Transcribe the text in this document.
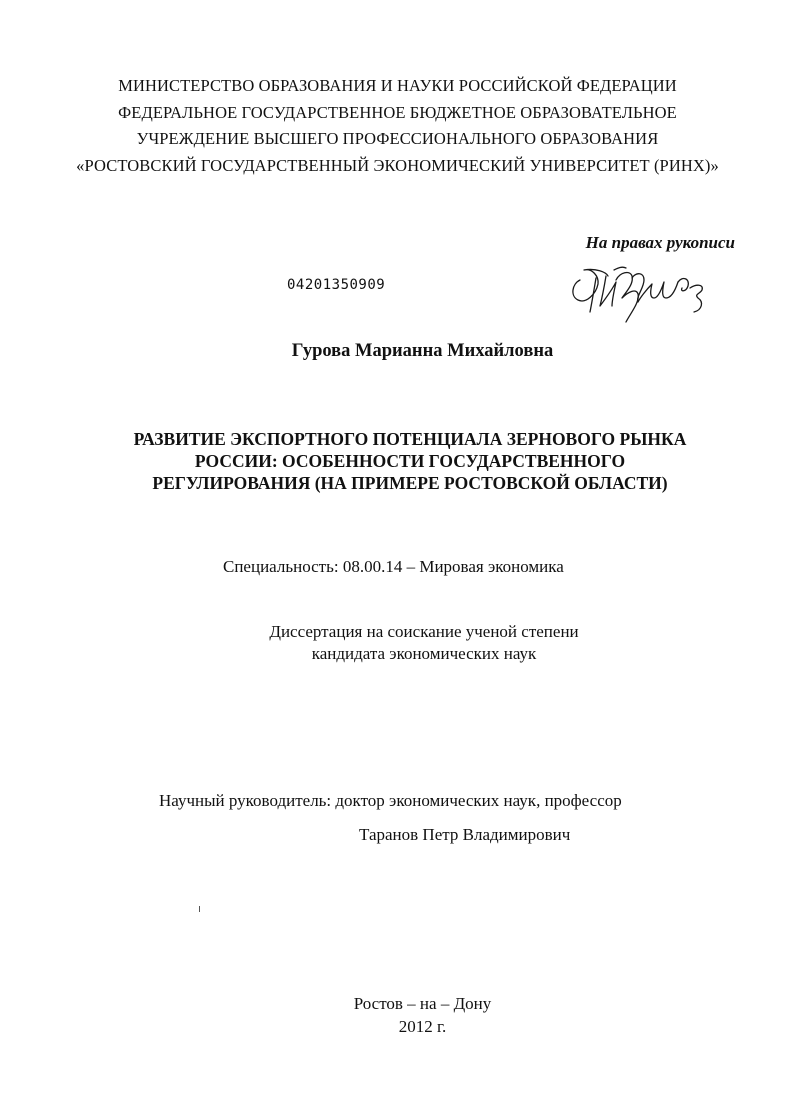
МИНИСТЕРСТВО ОБРАЗОВАНИЯ И НАУКИ РОССИЙСКОЙ ФЕДЕРАЦИИ
ФЕДЕРАЛЬНОЕ ГОСУДАРСТВЕННОЕ БЮДЖЕТНОЕ ОБРАЗОВАТЕЛЬНОЕ
УЧРЕЖДЕНИЕ ВЫСШЕГО ПРОФЕССИОНАЛЬНОГО ОБРАЗОВАНИЯ
«РОСТОВСКИЙ ГОСУДАРСТВЕННЫЙ ЭКОНОМИЧЕСКИЙ УНИВЕРСИТЕТ (РИНХ)»
На правах рукописи
04201350909
Гурова Марианна Михайловна
РАЗВИТИЕ ЭКСПОРТНОГО ПОТЕНЦИАЛА ЗЕРНОВОГО РЫНКА
РОССИИ: ОСОБЕННОСТИ ГОСУДАРСТВЕННОГО
РЕГУЛИРОВАНИЯ (НА ПРИМЕРЕ РОСТОВСКОЙ ОБЛАСТИ)
Специальность: 08.00.14 – Мировая экономика
Диссертация на соискание ученой степени
кандидата экономических наук
Научный руководитель: доктор экономических наук, профессор
Таранов Петр Владимирович
Ростов – на – Дону
2012 г.
